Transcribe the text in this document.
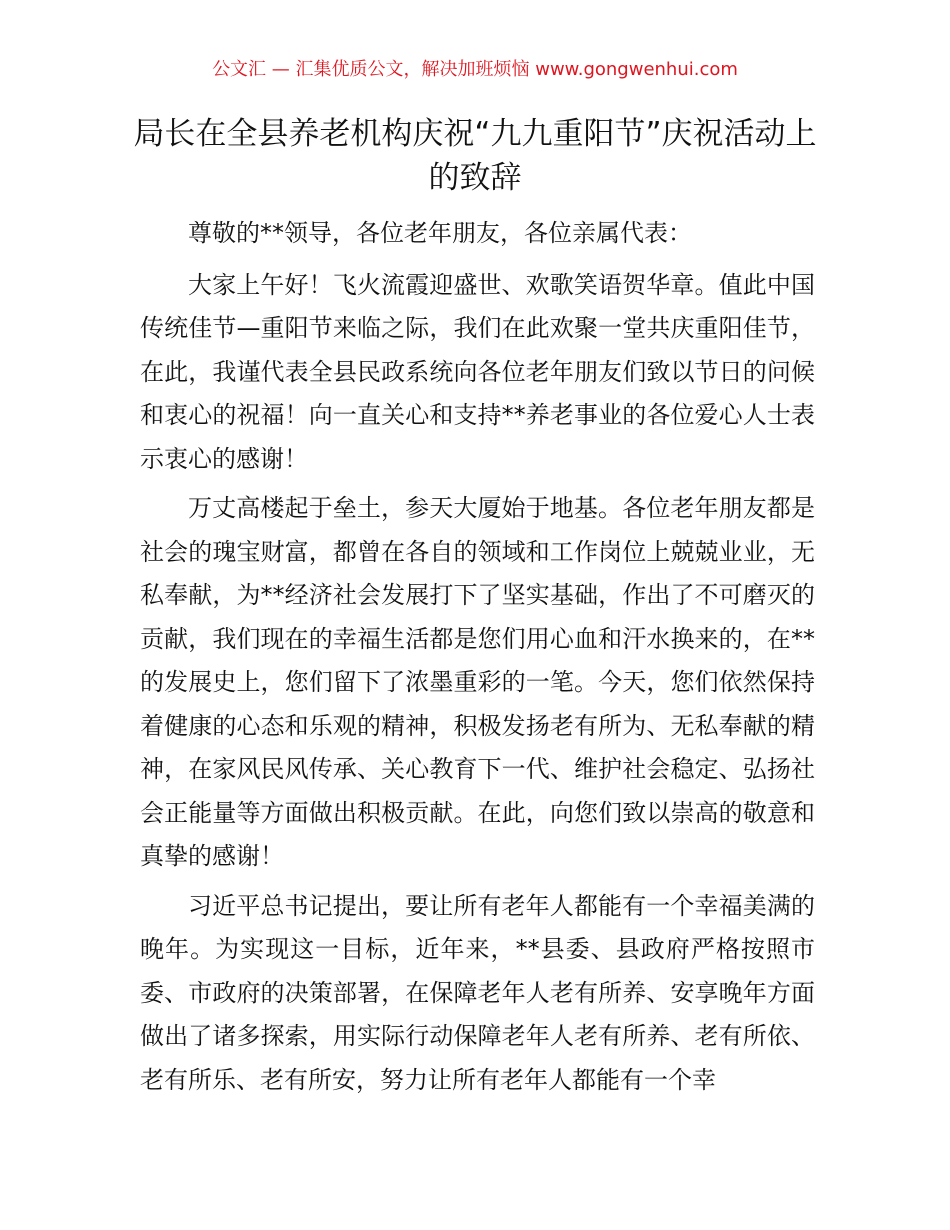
公文汇 — 汇集优质公文，解决加班烦恼 www.gongwenhui.com
局长在全县养老机构庆祝“九九重阳节”庆祝活动上的致辞

尊敬的**领导，各位老年朋友，各位亲属代表：

大家上午好！飞火流霞迎盛世、欢歌笑语贺华章。值此中国传统佳节—重阳节来临之际，我们在此欢聚一堂共庆重阳佳节，在此，我谨代表全县民政系统向各位老年朋友们致以节日的问候和衷心的祝福！向一直关心和支持**养老事业的各位爱心人士表示衷心的感谢！

万丈高楼起于垒土，参天大厦始于地基。各位老年朋友都是社会的瑰宝财富，都曾在各自的领域和工作岗位上兢兢业业，无私奉献，为**经济社会发展打下了坚实基础，作出了不可磨灭的贡献，我们现在的幸福生活都是您们用心血和汗水换来的，在**的发展史上，您们留下了浓墨重彩的一笔。今天，您们依然保持着健康的心态和乐观的精神，积极发扬老有所为、无私奉献的精神，在家风民风传承、关心教育下一代、维护社会稳定、弘扬社会正能量等方面做出积极贡献。在此，向您们致以崇高的敬意和真挚的感谢！

习近平总书记提出，要让所有老年人都能有一个幸福美满的晚年。为实现这一目标，近年来，**县委、县政府严格按照市委、市政府的决策部署，在保障老年人老有所养、安享晚年方面做出了诸多探索，用实际行动保障老年人老有所养、老有所依、老有所乐、老有所安，努力让所有老年人都能有一个幸
